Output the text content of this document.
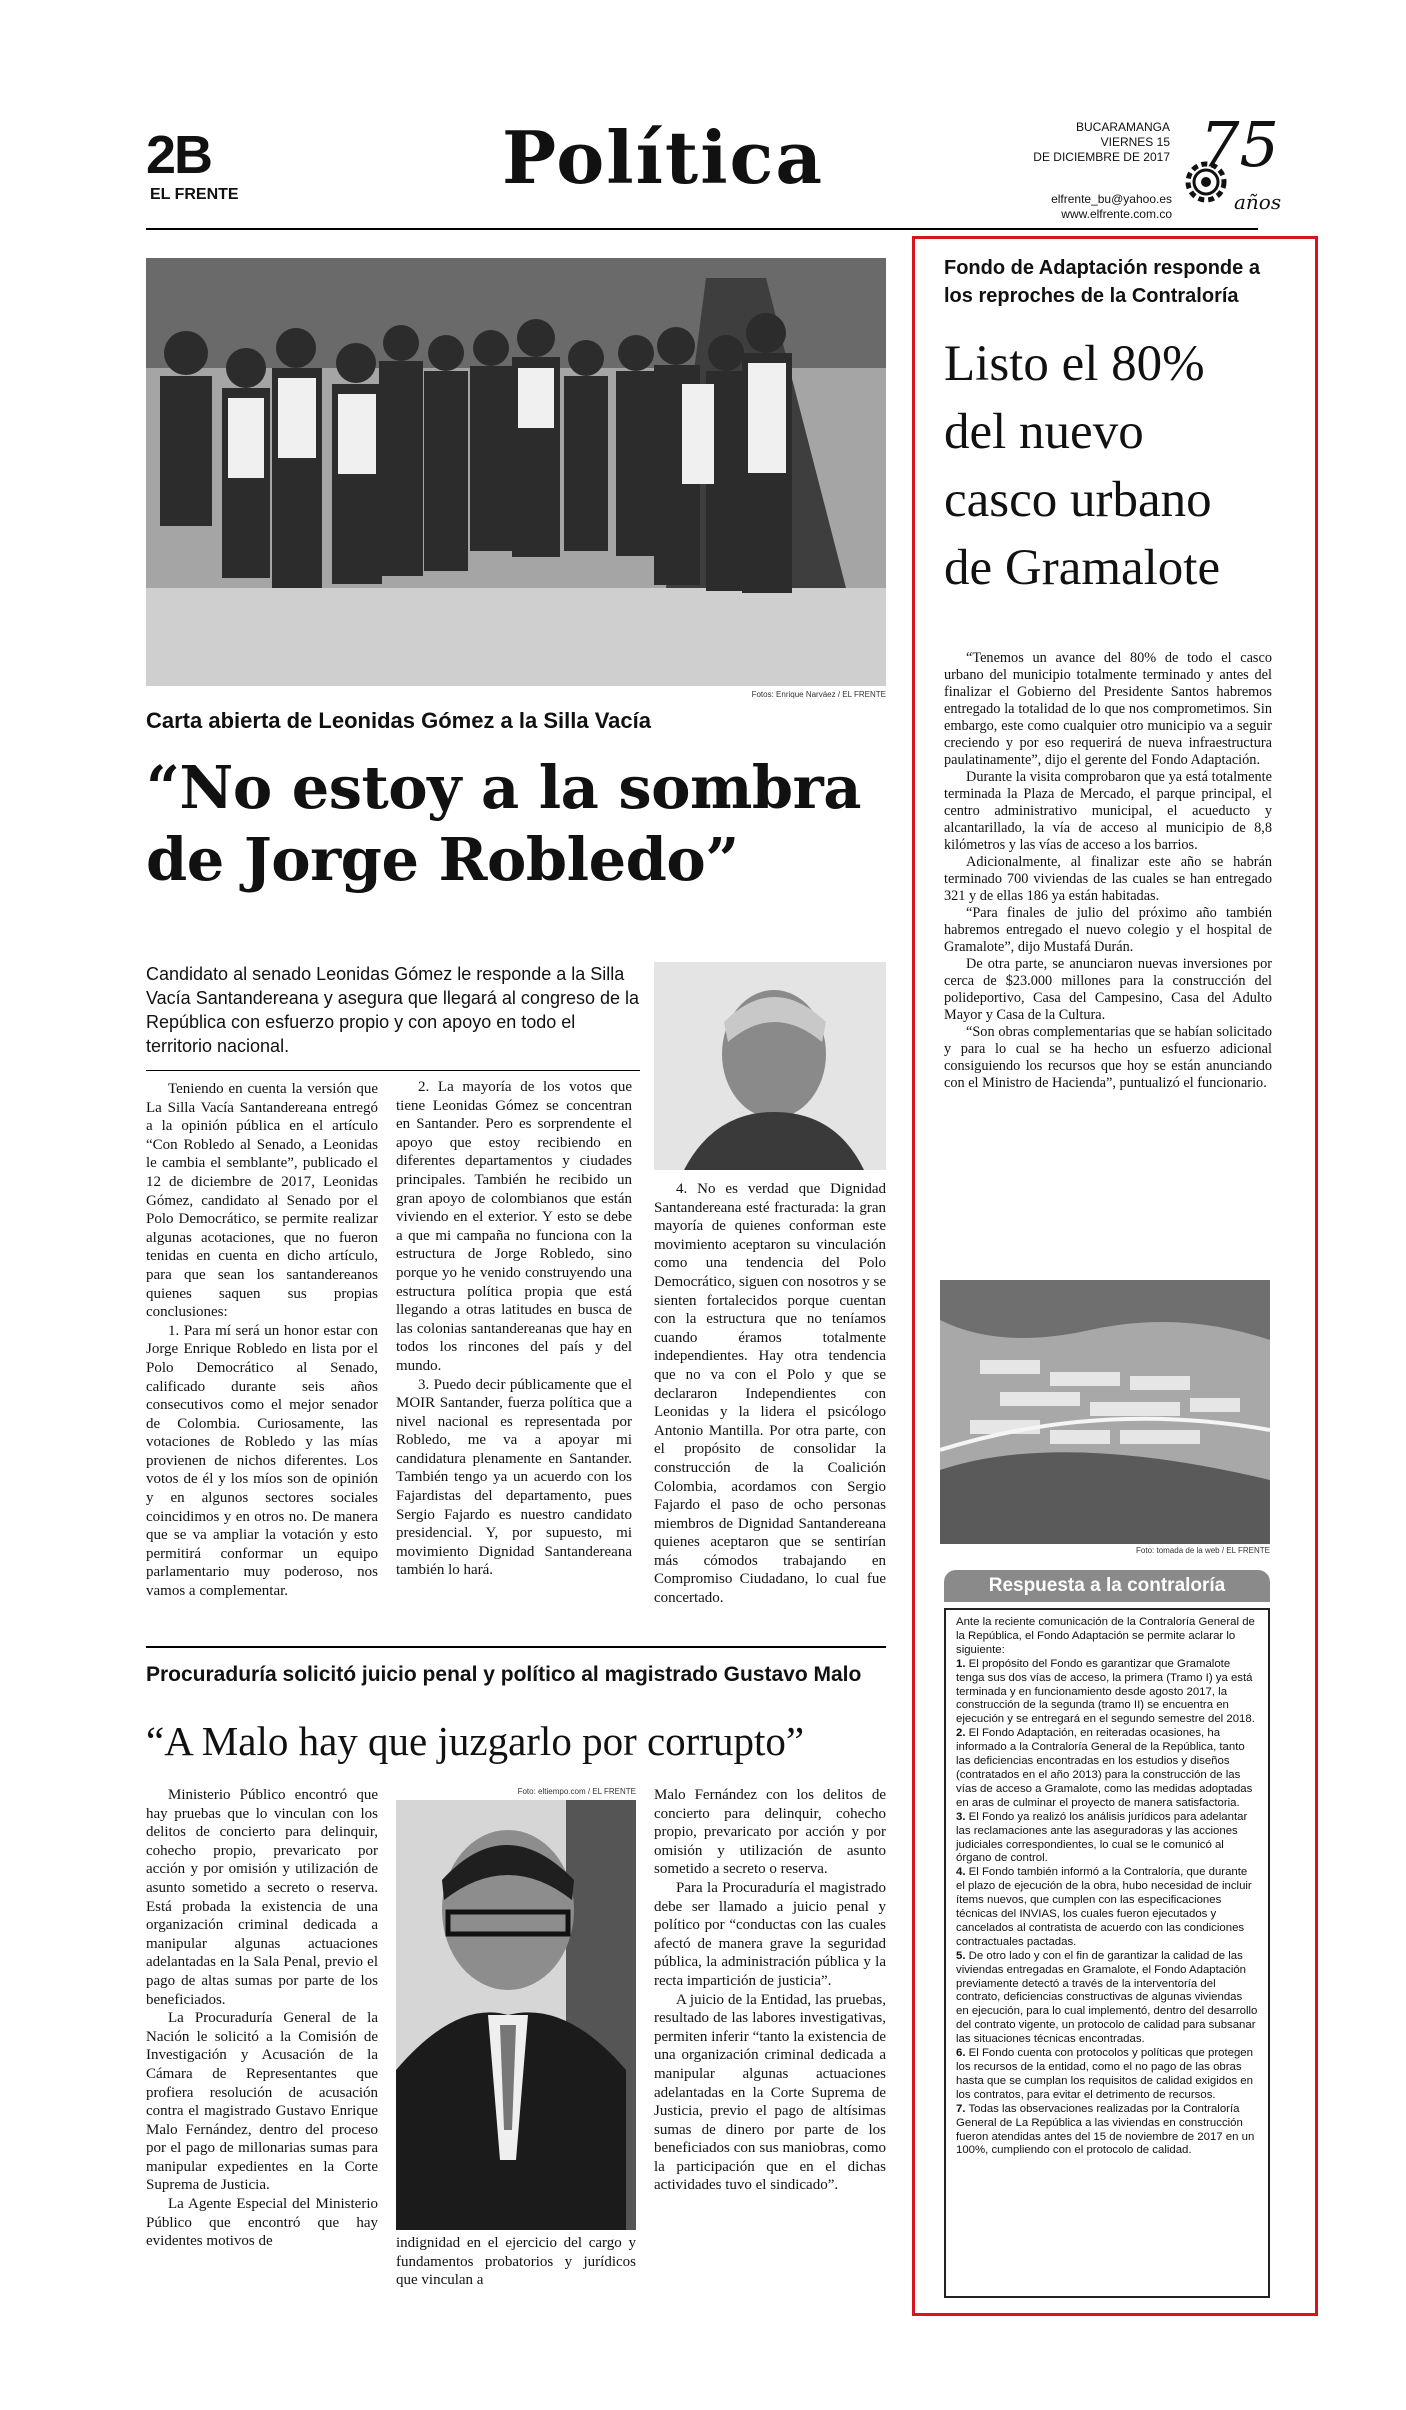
2B
EL FRENTE	Política	BUCARAMANGA
VIERNES 15
DE DICIEMBRE DE 2017
elfrente_bu@yahoo.es
www.elfrente.com.co
75
años
Fotos: Enrique Narváez / EL FRENTE
Carta abierta de Leonidas Gómez a la Silla Vacía
“No estoy a la sombra
de Jorge Robledo”
Candidato al senado Leonidas Gómez le responde a la Silla Vacía Santandereana y asegura que llegará al congreso de la República con esfuerzo propio y con apoyo en todo el territorio nacional.

Teniendo en cuenta la versión que La Silla Vacía Santandereana entregó a la opinión pública en el artículo “Con Robledo al Senado, a Leonidas le cambia el semblante”, publicado el 12 de diciembre de 2017, Leonidas Gómez, candidato al Senado por el Polo Democrático, se permite realizar algunas acotaciones, que no fueron tenidas en cuenta en dicho artículo, para que sean los santandereanos quienes saquen sus propias conclusiones:

1. Para mí será un honor estar con Jorge Enrique Robledo en lista por el Polo Democrático al Senado, calificado durante seis años consecutivos como el mejor senador de Colombia. Curiosamente, las votaciones de Robledo y las mías provienen de nichos diferentes. Los votos de él y los míos son de opinión y en algunos sectores sociales coincidimos y en otros no. De manera que se va ampliar la votación y esto permitirá conformar un equipo parlamentario muy poderoso, nos vamos a complementar.

2. La mayoría de los votos que tiene Leonidas Gómez se concentran en Santander. Pero es sorprendente el apoyo que estoy recibiendo en diferentes departamentos y ciudades principales. También he recibido un gran apoyo de colombianos que están viviendo en el exterior. Y esto se debe a que mi campaña no funciona con la estructura de Jorge Robledo, sino porque yo he venido construyendo una estructura política propia que está llegando a otras latitudes en busca de las colonias santandereanas que hay en todos los rincones del país y del mundo.

3. Puedo decir públicamente que el MOIR Santander, fuerza política que a nivel nacional es representada por Robledo, me va a apoyar mi candidatura plenamente en Santander. También tengo ya un acuerdo con los Fajardistas del departamento, pues Sergio Fajardo es nuestro candidato presidencial. Y, por supuesto, mi movimiento Dignidad Santandereana también lo hará.

4. No es verdad que Dignidad Santandereana esté fracturada: la gran mayoría de quienes conforman este movimiento aceptaron su vinculación como una tendencia del Polo Democrático, siguen con nosotros y se sienten fortalecidos porque cuentan con la estructura que no teníamos cuando éramos totalmente independientes. Hay otra tendencia que no va con el Polo y que se declararon Independientes con Leonidas y la lidera el psicólogo Antonio Mantilla. Por otra parte, con el propósito de consolidar la construcción de la Coalición Colombia, acordamos con Sergio Fajardo el paso de ocho personas miembros de Dignidad Santandereana quienes aceptaron que se sentirían más cómodos trabajando en Compromiso Ciudadano, lo cual fue concertado.

Procuraduría solicitó juicio penal y político al magistrado Gustavo Malo
“A Malo hay que juzgarlo por corrupto”

Ministerio Público encontró que hay pruebas que lo vinculan con los delitos de concierto para delinquir, cohecho propio, prevaricato por acción y por omisión y utilización de asunto sometido a secreto o reserva. Está probada la existencia de una organización criminal dedicada a manipular algunas actuaciones adelantadas en la Sala Penal, previo el pago de altas sumas por parte de los beneficiados.

La Procuraduría General de la Nación le solicitó a la Comisión de Investigación y Acusación de la Cámara de Representantes que profiera resolución de acusación contra el magistrado Gustavo Enrique Malo Fernández, dentro del proceso por el pago de millonarias sumas para manipular expedientes en la Corte Suprema de Justicia.

La Agente Especial del Ministerio Público que encontró que hay evidentes motivos de

Foto: eltiempo.com / EL FRENTE

indignidad en el ejercicio del cargo y fundamentos probatorios y jurídicos que vinculan a

Malo Fernández con los delitos de concierto para delinquir, cohecho propio, prevaricato por acción y por omisión y utilización de asunto sometido a secreto o reserva.

Para la Procuraduría el magistrado debe ser llamado a juicio penal y político por “conductas con las cuales afectó de manera grave la seguridad pública, la administración pública y la recta impartición de justicia”.

A juicio de la Entidad, las pruebas, resultado de las labores investigativas, permiten inferir “tanto la existencia de una organización criminal dedicada a manipular algunas actuaciones adelantadas en la Corte Suprema de Justicia, previo el pago de altísimas sumas de dinero por parte de los beneficiados con sus maniobras, como la participación que en el dichas actividades tuvo el sindicado”.

Fondo de Adaptación responde a los reproches de la Contraloría
Listo el 80%
del nuevo
casco urbano
de Gramalote

“Tenemos un avance del 80% de todo el casco urbano del municipio totalmente terminado y antes del finalizar el Gobierno del Presidente Santos habremos entregado la totalidad de lo que nos comprometimos. Sin embargo, este como cualquier otro municipio va a seguir creciendo y por eso requerirá de nueva infraestructura paulatinamente”, dijo el gerente del Fondo Adaptación.

Durante la visita comprobaron que ya está totalmente terminada la Plaza de Mercado, el parque principal, el centro administrativo municipal, el acueducto y alcantarillado, la vía de acceso al municipio de 8,8 kilómetros y las vías de acceso a los barrios.

Adicionalmente, al finalizar este año se habrán terminado 700 viviendas de las cuales se han entregado 321 y de ellas 186 ya están habitadas.

“Para finales de julio del próximo año también habremos entregado el nuevo colegio y el hospital de Gramalote”, dijo Mustafá Durán.

De otra parte, se anunciaron nuevas inversiones por cerca de $23.000 millones para la construcción del polideportivo, Casa del Campesino, Casa del Adulto Mayor y Casa de la Cultura.

“Son obras complementarias que se habían solicitado y para lo cual se ha hecho un esfuerzo adicional consiguiendo los recursos que hoy se están anunciando con el Ministro de Hacienda”, puntualizó el funcionario.

Foto: tomada de la web / EL FRENTE
Respuesta a la contraloría

Ante la reciente comunicación de la Contraloría General de la República, el Fondo Adaptación se permite aclarar lo siguiente:

1. El propósito del Fondo es garantizar que Gramalote tenga sus dos vías de acceso, la primera (Tramo I) ya está terminada y en funcionamiento desde agosto 2017, la construcción de la segunda (tramo II) se encuentra en ejecución y se entregará en el segundo semestre del 2018.

2. El Fondo Adaptación, en reiteradas ocasiones, ha informado a la Contraloría General de la República, tanto las deficiencias encontradas en los estudios y diseños (contratados en el año 2013) para la construcción de las vías de acceso a Gramalote, como las medidas adoptadas en aras de culminar el proyecto de manera satisfactoria.

3. El Fondo ya realizó los análisis jurídicos para adelantar las reclamaciones ante las aseguradoras y las acciones judiciales correspondientes, lo cual se le comunicó al órgano de control.

4. El Fondo también informó a la Contraloría, que durante el plazo de ejecución de la obra, hubo necesidad de incluir ítems nuevos, que cumplen con las especificaciones técnicas del INVIAS, los cuales fueron ejecutados y cancelados al contratista de acuerdo con las condiciones contractuales pactadas.

5. De otro lado y con el fin de garantizar la calidad de las viviendas entregadas en Gramalote, el Fondo Adaptación previamente detectó a través de la interventoría del contrato, deficiencias constructivas de algunas viviendas en ejecución, para lo cual implementó, dentro del desarrollo del contrato vigente, un protocolo de calidad para subsanar las situaciones técnicas encontradas.

6. El Fondo cuenta con protocolos y políticas que protegen los recursos de la entidad, como el no pago de las obras hasta que se cumplan los requisitos de calidad exigidos en los contratos, para evitar el detrimento de recursos.

7. Todas las observaciones realizadas por la Contraloría General de La República a las viviendas en construcción fueron atendidas antes del 15 de noviembre de 2017 en un 100%, cumpliendo con el protocolo de calidad.
